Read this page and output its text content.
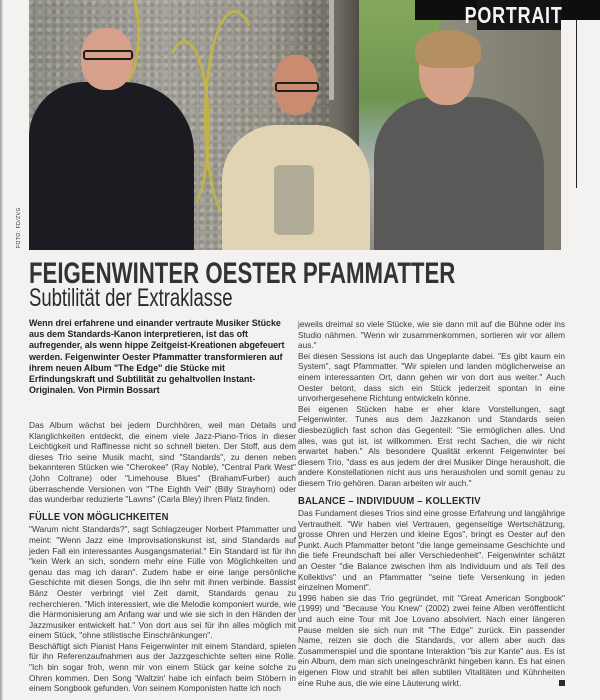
PORTRAIT
FOTO: FD/ZVG
FEIGENWINTER OESTER PFAMMATTER
Subtilität der Extraklasse
Wenn drei erfahrene und einander vertraute Musiker Stücke aus dem Standards-Kanon interpretieren, ist das oft aufregender, als wenn hippe Zeitgeist-Kreationen abgefeuert werden. Feigenwinter Oester Pfammatter transformieren auf ihrem neuen Album "The Edge" die Stücke mit Erfindungskraft und Subtilität zu gehaltvollen Instant-Originalen. Von Pirmin Bossart

Das Album wächst bei jedem Durchhören, weil man Details und Klanglichkeiten entdeckt, die einem viele Jazz-Piano-Trios in dieser Leichtigkeit und Raffinesse nicht so schnell bieten. Der Stoff, aus dem dieses Trio seine Musik macht, sind "Standards", zu denen neben bekannteren Stücken wie "Cherokee" (Ray Noble), "Central Park West" (John Coltrane) oder "Limehouse Blues" (Braham/Furber) auch überraschende Versionen von "The Eighth Veil" (Billy Strayhorn) oder das wunderbar reduzierte "Lawns" (Carla Bley) ihren Platz finden.

FÜLLE VON MÖGLICHKEITEN

"Warum nicht Standards?", sagt Schlagzeuger Norbert Pfammatter und meint: "Wenn Jazz eine Improvisationskunst ist, sind Standards auf jeden Fall ein interessantes Ausgangsmaterial." Ein Standard ist für ihn "kein Werk an sich, sondern mehr eine Fülle von Möglichkeiten und genau das mag ich daran". Zudem habe er eine lange persönliche Geschichte mit diesen Songs, die ihn sehr mit ihnen verbinde. Bassist Bänz Oester verbringt viel Zeit damit, Standards genau zu recherchieren. "Mich interessiert, wie die Melodie komponiert wurde, wie die Harmonisierung am Anfang war und wie sie sich in den Händen der Jazzmusiker entwickelt hat." Von dort aus sei für ihn alles möglich mit einem Stück, "ohne stilistische Einschränkungen".

Beschäftigt sich Pianist Hans Feigenwinter mit einem Standard, spielen für ihn Referenzaufnahmen aus der Jazzgeschichte selten eine Rolle. "Ich bin sogar froh, wenn mir von einem Stück gar keine solche zu Ohren kommen. Den Song 'Waltzin' habe ich einfach beim Stöbern in einem Songbook gefunden. Von seinem Komponisten hatte ich noch

jeweils dreimal so viele Stücke, wie sie dann mit auf die Bühne oder ins Studio nähmen. "Wenn wir zusammenkommen, sortieren wir vor allem aus."

Bei diesen Sessions ist auch das Ungeplante dabei. "Es gibt kaum ein System", sagt Pfammatter. "Wir spielen und landen möglicherweise an einem interessanten Ort, dann gehen wir von dort aus weiter." Auch Oester betont, dass sich ein Stück jederzeit spontan in eine unvorhergesehene Richtung entwickeln könne.

Bei eigenen Stücken habe er eher klare Vorstellungen, sagt Feigenwinter. Tunes aus dem Jazzkanon und Standards seien diesbezüglich fast schon das Gegenteil: "Sie ermöglichen alles. Und alles, was gut ist, ist willkommen. Erst recht Sachen, die wir nicht erwartet haben." Als besondere Qualität erkennt Feigenwinter bei diesem Trio, "dass es aus jedem der drei Musiker Dinge herausholt, die andere Konstellationen nicht aus uns herausholen und somit genau zu diesem Trio gehören. Daran arbeiten wir auch."

BALANCE – INDIVIDUUM – KOLLEKTIV

Das Fundament dieses Trios sind eine grosse Erfahrung und langjährige Vertrautheit. "Wir haben viel Vertrauen, gegenseitige Wertschätzung, grosse Ohren und Herzen und kleine Egos", bringt es Oester auf den Punkt. Auch Pfammatter betont "die lange gemeinsame Geschichte und die tiefe Freundschaft bei aller Verschiedenheit". Feigenwinter schätzt an Oester "die Balance zwischen ihm als Individuum und als Teil des Kollektivs" und an Pfammatter "seine tiefe Versenkung in jeden einzelnen Moment".

1996 haben sie das Trio gegründet, mit "Great American Songbook" (1999) und "Because You Knew" (2002) zwei feine Alben veröffentlicht und auch eine Tour mit Joe Lovano absolviert. Nach einer längeren Pause melden sie sich nun mit "The Edge" zurück. Ein passender Name, reizen sie doch die Standards, vor allem aber auch das Zusammenspiel und die spontane Interaktion "bis zur Kante" aus. Es ist ein Album, dem man sich uneingeschränkt hingeben kann. Es hat einen eigenen Flow und strahlt bei allen subtilen Vitalitäten und Kühnheiten eine Ruhe aus, die wie eine Läuterung wirkt.
